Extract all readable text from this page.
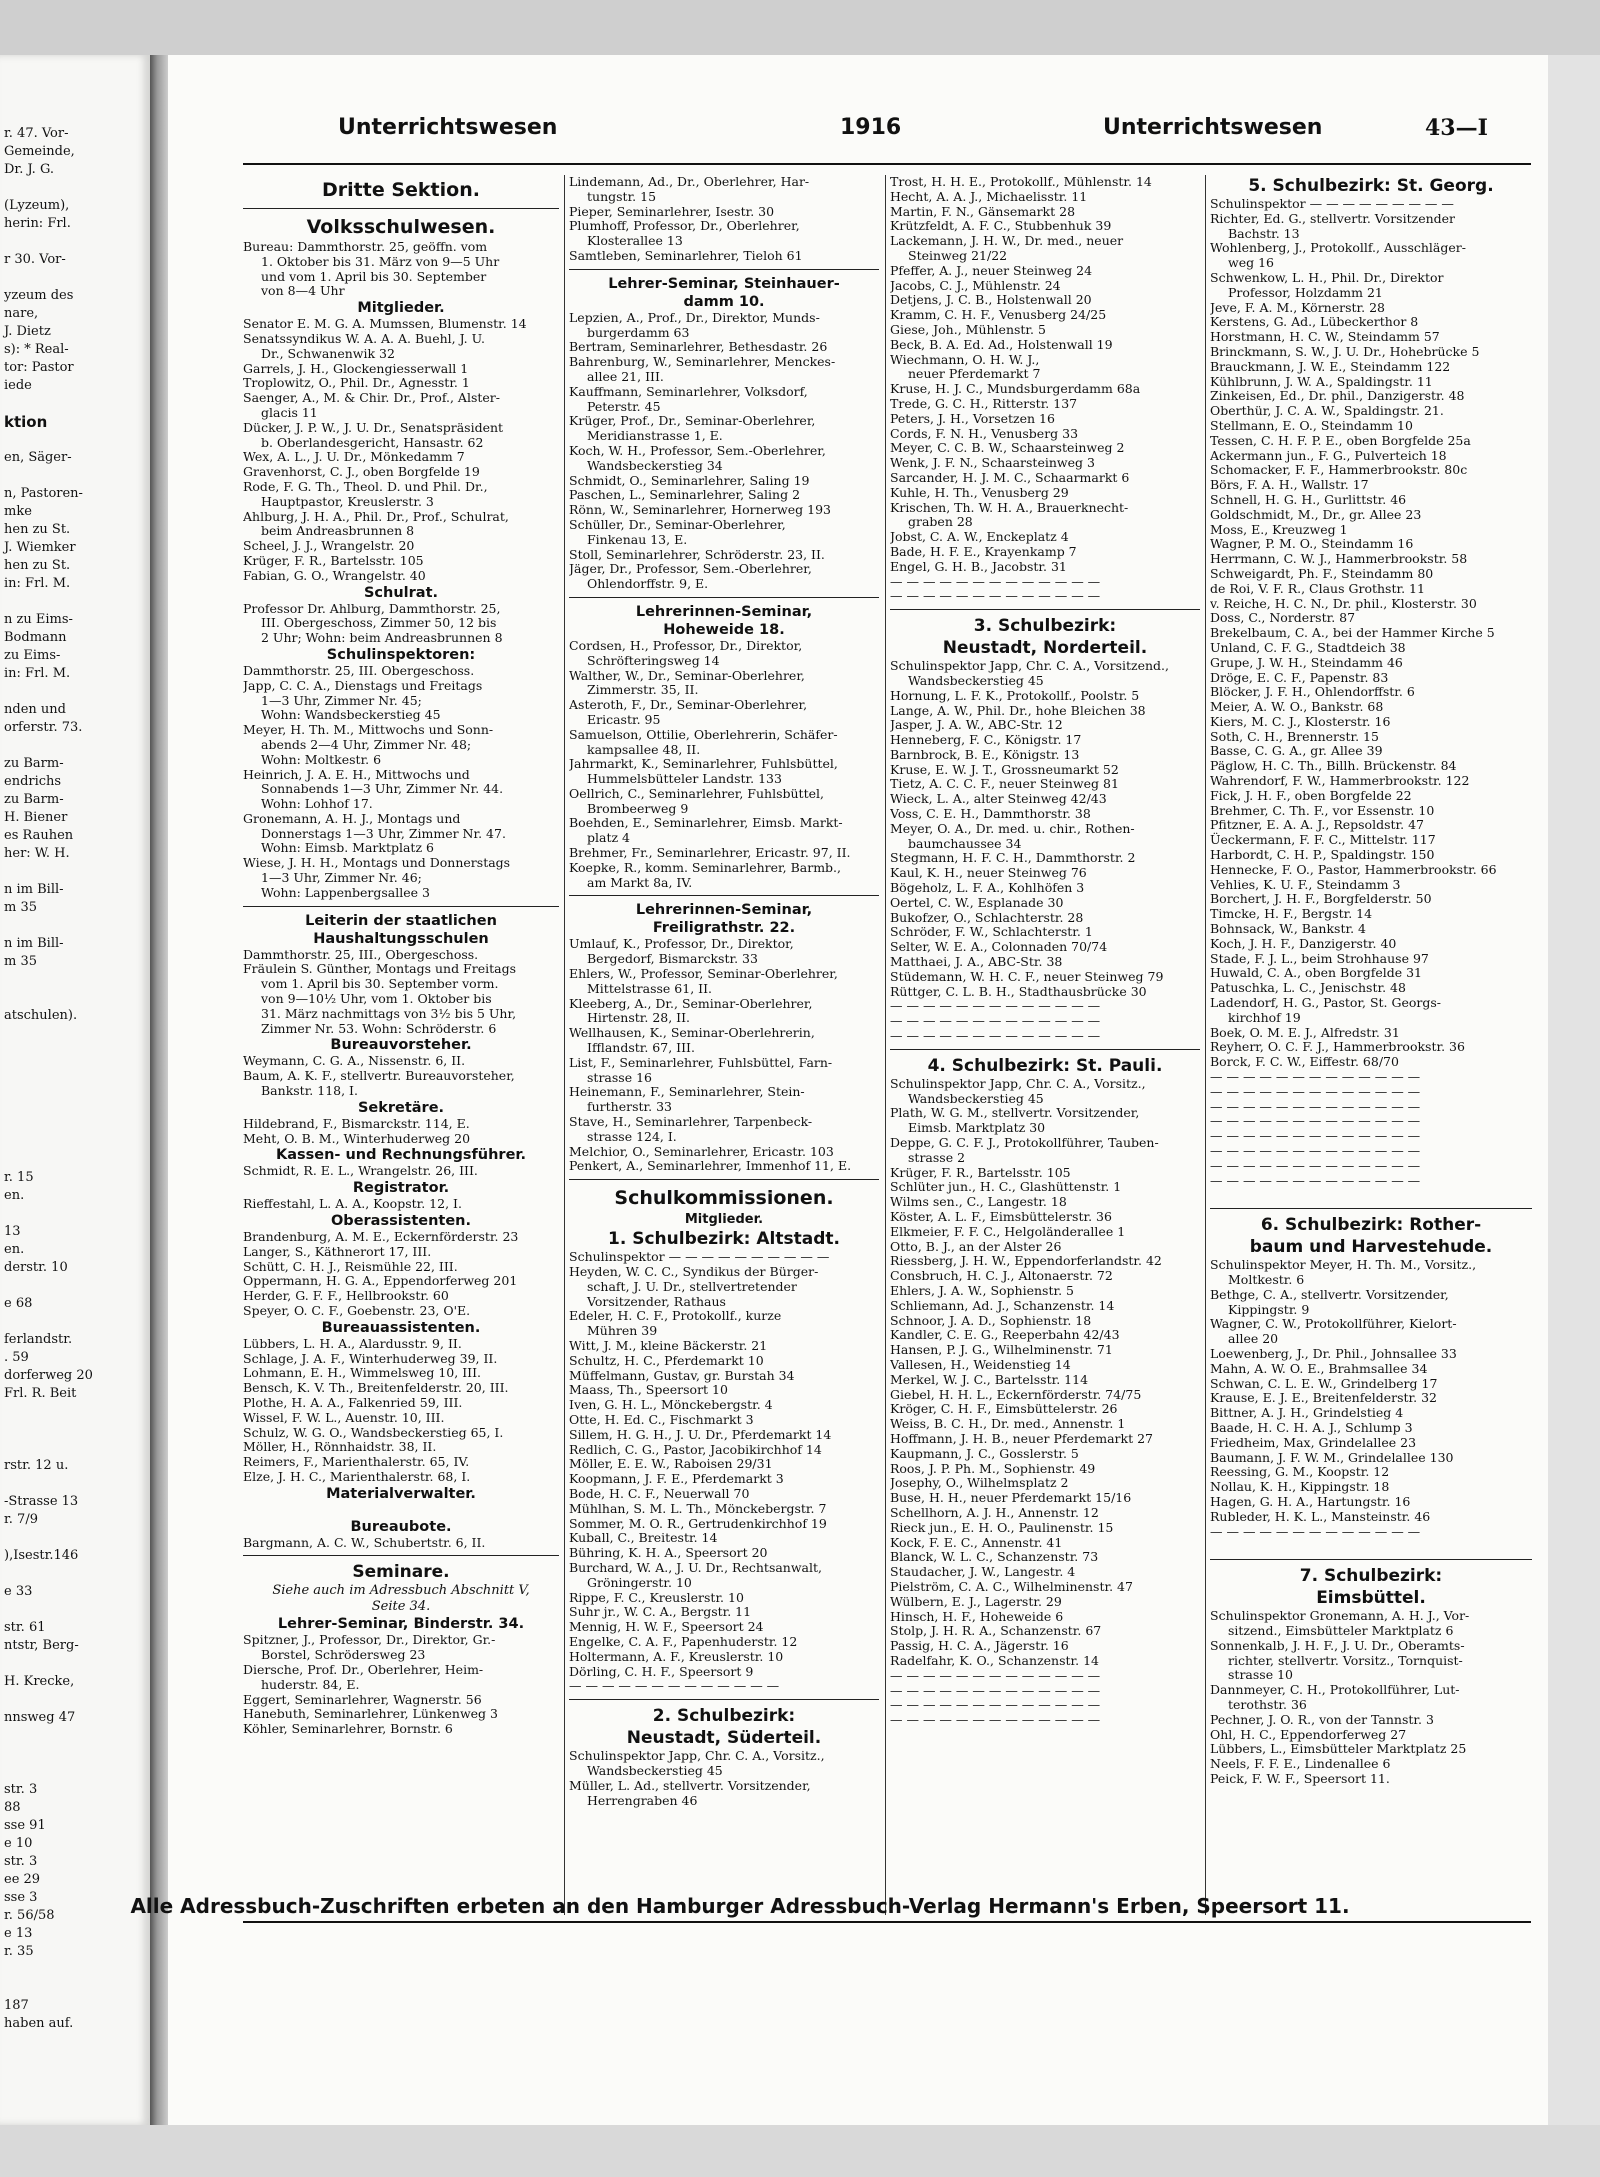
r. 47. Vor-
Gemeinde,
Dr. J. G.

(Lyzeum),
herin: Frl.

r 30. Vor-

yzeum des
nare,
J. Dietz
s): * Real-
tor: Pastor
iede

ktion

en, Säger-

n, Pastoren-
mke
hen zu St.
J. Wiemker
hen zu St.
in: Frl. M.

n zu Eims-
Bodmann
zu Eims-
in: Frl. M.

nden und
orferstr. 73.

zu Barm-
endrichs
zu Barm-
H. Biener
es Rauhen
her: W. H.

n im Bill-
m 35

n im Bill-
m 35

atschulen).

r. 15
en.

13
en.
derstr. 10

e 68

ferlandstr.
. 59
dorferweg 20
Frl. R. Beit

rstr. 12 u.

-Strasse 13
r. 7/9

),Isestr.146

e 33

str. 61
ntstr, Berg-

H. Krecke,

nnsweg 47

str. 3
88
sse 91
e 10
str. 3
ee 29
sse 3
r. 56/58
e 13
r. 35

187
haben auf.
Unterrichtswesen	1916	Unterrichtswesen	43—I
Dritte Sektion.
Volksschulwesen.
Bureau: Dammthorstr. 25, geöffn. vom
1. Oktober bis 31. März von 9—5 Uhr
und vom 1. April bis 30. September
von 8—4 Uhr
Mitglieder.
Senator E. M. G. A. Mumssen, Blumenstr. 14
Senatssyndikus W. A. A. A. Buehl, J. U.
Dr., Schwanenwik 32
Garrels, J. H., Glockengiesserwall 1
Troplowitz, O., Phil. Dr., Agnesstr. 1
Saenger, A., M. & Chir. Dr., Prof., Alster-
glacis 11
Dücker, J. P. W., J. U. Dr., Senatspräsident
b. Oberlandesgericht, Hansastr. 62
Wex, A. L., J. U. Dr., Mönkedamm 7
Gravenhorst, C. J., oben Borgfelde 19
Rode, F. G. Th., Theol. D. und Phil. Dr.,
Hauptpastor, Kreuslerstr. 3
Ahlburg, J. H. A., Phil. Dr., Prof., Schulrat,
beim Andreasbrunnen 8
Scheel, J. J., Wrangelstr. 20
Krüger, F. R., Bartelsstr. 105
Fabian, G. O., Wrangelstr. 40
Schulrat.
Professor Dr. Ahlburg, Dammthorstr. 25,
III. Obergeschoss, Zimmer 50, 12 bis
2 Uhr; Wohn: beim Andreasbrunnen 8
Schulinspektoren:
Dammthorstr. 25, III. Obergeschoss.
Japp, C. C. A., Dienstags und Freitags
1—3 Uhr, Zimmer Nr. 45;
Wohn: Wandsbeckerstieg 45
Meyer, H. Th. M., Mittwochs und Sonn-
abends 2—4 Uhr, Zimmer Nr. 48;
Wohn: Moltkestr. 6
Heinrich, J. A. E. H., Mittwochs und
Sonnabends 1—3 Uhr, Zimmer Nr. 44.
Wohn: Lohhof 17.
Gronemann, A. H. J., Montags und
Donnerstags 1—3 Uhr, Zimmer Nr. 47.
Wohn: Eimsb. Marktplatz 6
Wiese, J. H. H., Montags und Donnerstags
1—3 Uhr, Zimmer Nr. 46;
Wohn: Lappenbergsallee 3
Leiterin der staatlichen
Haushaltungsschulen
Dammthorstr. 25, III., Obergeschoss.
Fräulein S. Günther, Montags und Freitags
vom 1. April bis 30. September vorm.
von 9—10½ Uhr, vom 1. Oktober bis
31. März nachmittags von 3½ bis 5 Uhr,
Zimmer Nr. 53. Wohn: Schröderstr. 6
Bureauvorsteher.
Weymann, C. G. A., Nissenstr. 6, II.
Baum, A. K. F., stellvertr. Bureauvorsteher,
Bankstr. 118, I.
Sekretäre.
Hildebrand, F., Bismarckstr. 114, E.
Meht, O. B. M., Winterhuderweg 20
Kassen- und Rechnungsführer.
Schmidt, R. E. L., Wrangelstr. 26, III.
Registrator.
Rieffestahl, L. A. A., Koopstr. 12, I.
Oberassistenten.
Brandenburg, A. M. E., Eckernförderstr. 23
Langer, S., Käthnerort 17, III.
Schütt, C. H. J., Reismühle 22, III.
Oppermann, H. G. A., Eppendorferweg 201
Herder, G. F. F., Hellbrookstr. 60
Speyer, O. C. F., Goebenstr. 23, O'E.
Bureauassistenten.
Lübbers, L. H. A., Alardusstr. 9, II.
Schlage, J. A. F., Winterhuderweg 39, II.
Lohmann, E. H., Wimmelsweg 10, III.
Bensch, K. V. Th., Breitenfelderstr. 20, III.
Plothe, H. A. A., Falkenried 59, III.
Wissel, F. W. L., Auenstr. 10, III.
Schulz, W. G. O., Wandsbeckerstieg 65, I.
Möller, H., Rönnhaidstr. 38, II.
Reimers, F., Marienthalerstr. 65, IV.
Elze, J. H. C., Marienthalerstr. 68, I.
Materialverwalter.

Bureaubote.
Bargmann, A. C. W., Schubertstr. 6, II.
Seminare.
Siehe auch im Adressbuch Abschnitt V,
Seite 34.
Lehrer-Seminar, Binderstr. 34.
Spitzner, J., Professor, Dr., Direktor, Gr.-
Borstel, Schrödersweg 23
Diersche, Prof. Dr., Oberlehrer, Heim-
huderstr. 84, E.
Eggert, Seminarlehrer, Wagnerstr. 56
Hanebuth, Seminarlehrer, Lünkenweg 3
Köhler, Seminarlehrer, Bornstr. 6
Lindemann, Ad., Dr., Oberlehrer, Har-
tungstr. 15
Pieper, Seminarlehrer, Isestr. 30
Plumhoff, Professor, Dr., Oberlehrer,
Klosterallee 13
Samtleben, Seminarlehrer, Tieloh 61
Lehrer-Seminar, Steinhauer-
damm 10.
Lepzien, A., Prof., Dr., Direktor, Munds-
burgerdamm 63
Bertram, Seminarlehrer, Bethesdastr. 26
Bahrenburg, W., Seminarlehrer, Menckes-
allee 21, III.
Kauffmann, Seminarlehrer, Volksdorf,
Peterstr. 45
Krüger, Prof., Dr., Seminar-Oberlehrer,
Meridianstrasse 1, E.
Koch, W. H., Professor, Sem.-Oberlehrer,
Wandsbeckerstieg 34
Schmidt, O., Seminarlehrer, Saling 19
Paschen, L., Seminarlehrer, Saling 2
Rönn, W., Seminarlehrer, Hornerweg 193
Schüller, Dr., Seminar-Oberlehrer,
Finkenau 13, E.
Stoll, Seminarlehrer, Schröderstr. 23, II.
Jäger, Dr., Professor, Sem.-Oberlehrer,
Ohlendorffstr. 9, E.
Lehrerinnen-Seminar,
Hoheweide 18.
Cordsen, H., Professor, Dr., Direktor,
Schröfteringsweg 14
Walther, W., Dr., Seminar-Oberlehrer,
Zimmerstr. 35, II.
Asteroth, F., Dr., Seminar-Oberlehrer,
Ericastr. 95
Samuelson, Ottilie, Oberlehrerin, Schäfer-
kampsallee 48, II.
Jahrmarkt, K., Seminarlehrer, Fuhlsbüttel,
Hummelsbütteler Landstr. 133
Oellrich, C., Seminarlehrer, Fuhlsbüttel,
Brombeerweg 9
Boehden, E., Seminarlehrer, Eimsb. Markt-
platz 4
Brehmer, Fr., Seminarlehrer, Ericastr. 97, II.
Koepke, R., komm. Seminarlehrer, Barmb.,
am Markt 8a, IV.
Lehrerinnen-Seminar,
Freiligrathstr. 22.
Umlauf, K., Professor, Dr., Direktor,
Bergedorf, Bismarckstr. 33
Ehlers, W., Professor, Seminar-Oberlehrer,
Mittelstrasse 61, II.
Kleeberg, A., Dr., Seminar-Oberlehrer,
Hirtenstr. 28, II.
Wellhausen, K., Seminar-Oberlehrerin,
Ifflandstr. 67, III.
List, F., Seminarlehrer, Fuhlsbüttel, Farn-
strasse 16
Heinemann, F., Seminarlehrer, Stein-
furtherstr. 33
Stave, H., Seminarlehrer, Tarpenbeck-
strasse 124, I.
Melchior, O., Seminarlehrer, Ericastr. 103
Penkert, A., Seminarlehrer, Immenhof 11, E.
Schulkommissionen.
Mitglieder.
1. Schulbezirk: Altstadt.
Schulinspektor — — — — — — — — — —
Heyden, W. C. C., Syndikus der Bürger-
schaft, J. U. Dr., stellvertretender
Vorsitzender, Rathaus
Edeler, H. C. F., Protokollf., kurze
Mühren 39
Witt, J. M., kleine Bäckerstr. 21
Schultz, H. C., Pferdemarkt 10
Müffelmann, Gustav, gr. Burstah 34
Maass, Th., Speersort 10
Iven, G. H. L., Mönckebergstr. 4
Otte, H. Ed. C., Fischmarkt 3
Sillem, H. G. H., J. U. Dr., Pferdemarkt 14
Redlich, C. G., Pastor, Jacobikirchhof 14
Möller, E. E. W., Raboisen 29/31
Koopmann, J. F. E., Pferdemarkt 3
Bode, H. C. F., Neuerwall 70
Mühlhan, S. M. L. Th., Mönckebergstr. 7
Sommer, M. O. R., Gertrudenkirchhof 19
Kuball, C., Breitestr. 14
Bühring, K. H. A., Speersort 20
Burchard, W. A., J. U. Dr., Rechtsanwalt,
Gröningerstr. 10
Rippe, F. C., Kreuslerstr. 10
Suhr jr., W. C. A., Bergstr. 11
Mennig, H. W. F., Speersort 24
Engelke, C. A. F., Papenhuderstr. 12
Holtermann, A. F., Kreuslerstr. 10
Dörling, C. H. F., Speersort 9
— — — — — — — — — — — — —
2. Schulbezirk:
Neustadt, Süderteil.
Schulinspektor Japp, Chr. C. A., Vorsitz.,
Wandsbeckerstieg 45
Müller, L. Ad., stellvertr. Vorsitzender,
Herrengraben 46
Trost, H. H. E., Protokollf., Mühlenstr. 14
Hecht, A. A. J., Michaelisstr. 11
Martin, F. N., Gänsemarkt 28
Krützfeldt, A. F. C., Stubbenhuk 39
Lackemann, J. H. W., Dr. med., neuer
Steinweg 21/22
Pfeffer, A. J., neuer Steinweg 24
Jacobs, C. J., Mühlenstr. 24
Detjens, J. C. B., Holstenwall 20
Kramm, C. H. F., Venusberg 24/25
Giese, Joh., Mühlenstr. 5
Beck, B. A. Ed. Ad., Holstenwall 19
Wiechmann, O. H. W. J.,
neuer Pferdemarkt 7
Kruse, H. J. C., Mundsburgerdamm 68a
Trede, G. C. H., Ritterstr. 137
Peters, J. H., Vorsetzen 16
Cords, F. N. H., Venusberg 33
Meyer, C. C. B. W., Schaarsteinweg 2
Wenk, J. F. N., Schaarsteinweg 3
Sarcander, H. J. M. C., Schaarmarkt 6
Kuhle, H. Th., Venusberg 29
Krischen, Th. W. H. A., Brauerknecht-
graben 28
Jobst, C. A. W., Enckeplatz 4
Bade, H. F. E., Krayenkamp 7
Engel, G. H. B., Jacobstr. 31
— — — — — — — — — — — — —
— — — — — — — — — — — — —
3. Schulbezirk:
Neustadt, Norderteil.
Schulinspektor Japp, Chr. C. A., Vorsitzend.,
Wandsbeckerstieg 45
Hornung, L. F. K., Protokollf., Poolstr. 5
Lange, A. W., Phil. Dr., hohe Bleichen 38
Jasper, J. A. W., ABC-Str. 12
Henneberg, F. C., Königstr. 17
Barnbrock, B. E., Königstr. 13
Kruse, E. W. J. T., Grossneumarkt 52
Tietz, A. C. C. F., neuer Steinweg 81
Wieck, L. A., alter Steinweg 42/43
Voss, C. E. H., Dammthorstr. 38
Meyer, O. A., Dr. med. u. chir., Rothen-
baumchaussee 34
Stegmann, H. F. C. H., Dammthorstr. 2
Kaul, K. H., neuer Steinweg 76
Bögeholz, L. F. A., Kohlhöfen 3
Oertel, C. W., Esplanade 30
Bukofzer, O., Schlachterstr. 28
Schröder, F. W., Schlachterstr. 1
Selter, W. E. A., Colonnaden 70/74
Matthaei, J. A., ABC-Str. 38
Stüdemann, W. H. C. F., neuer Steinweg 79
Rüttger, C. L. B. H., Stadthausbrücke 30
— — — — — — — — — — — — —
— — — — — — — — — — — — —
— — — — — — — — — — — — —
4. Schulbezirk: St. Pauli.
Schulinspektor Japp, Chr. C. A., Vorsitz.,
Wandsbeckerstieg 45
Plath, W. G. M., stellvertr. Vorsitzender,
Eimsb. Marktplatz 30
Deppe, G. C. F. J., Protokollführer, Tauben-
strasse 2
Krüger, F. R., Bartelsstr. 105
Schlüter jun., H. C., Glashüttenstr. 1
Wilms sen., C., Langestr. 18
Köster, A. L. F., Eimsbüttelerstr. 36
Elkmeier, F. F. C., Helgoländerallee 1
Otto, B. J., an der Alster 26
Riessberg, J. H. W., Eppendorferlandstr. 42
Consbruch, H. C. J., Altonaerstr. 72
Ehlers, J. A. W., Sophienstr. 5
Schliemann, Ad. J., Schanzenstr. 14
Schnoor, J. A. D., Sophienstr. 18
Kandler, C. E. G., Reeperbahn 42/43
Hansen, P. J. G., Wilhelminenstr. 71
Vallesen, H., Weidenstieg 14
Merkel, W. J. C., Bartelsstr. 114
Giebel, H. H. L., Eckernförderstr. 74/75
Kröger, C. H. F., Eimsbüttelerstr. 26
Weiss, B. C. H., Dr. med., Annenstr. 1
Hoffmann, J. H. B., neuer Pferdemarkt 27
Kaupmann, J. C., Gosslerstr. 5
Roos, J. P. Ph. M., Sophienstr. 49
Josephy, O., Wilhelmsplatz 2
Buse, H. H., neuer Pferdemarkt 15/16
Schellhorn, A. J. H., Annenstr. 12
Rieck jun., E. H. O., Paulinenstr. 15
Kock, F. E. C., Annenstr. 41
Blanck, W. L. C., Schanzenstr. 73
Staudacher, J. W., Langestr. 4
Pielström, C. A. C., Wilhelminenstr. 47
Wülbern, E. J., Lagerstr. 29
Hinsch, H. F., Hoheweide 6
Stolp, J. H. R. A., Schanzenstr. 67
Passig, H. C. A., Jägerstr. 16
Radelfahr, K. O., Schanzenstr. 14
— — — — — — — — — — — — —
— — — — — — — — — — — — —
— — — — — — — — — — — — —
— — — — — — — — — — — — —
5. Schulbezirk: St. Georg.
Schulinspektor — — — — — — — — —
Richter, Ed. G., stellvertr. Vorsitzender
Bachstr. 13
Wohlenberg, J., Protokollf., Ausschläger-
weg 16
Schwenkow, L. H., Phil. Dr., Direktor
Professor, Holzdamm 21
Jeve, F. A. M., Körnerstr. 28
Kerstens, G. Ad., Lübeckerthor 8
Horstmann, H. C. W., Steindamm 57
Brinckmann, S. W., J. U. Dr., Hohebrücke 5
Brauckmann, J. W. E., Steindamm 122
Kühlbrunn, J. W. A., Spaldingstr. 11
Zinkeisen, Ed., Dr. phil., Danzigerstr. 48
Oberthür, J. C. A. W., Spaldingstr. 21.
Stellmann, E. O., Steindamm 10
Tessen, C. H. F. P. E., oben Borgfelde 25a
Ackermann jun., F. G., Pulverteich 18
Schomacker, F. F., Hammerbrookstr. 80c
Börs, F. A. H., Wallstr. 17
Schnell, H. G. H., Gurlittstr. 46
Goldschmidt, M., Dr., gr. Allee 23
Moss, E., Kreuzweg 1
Wagner, P. M. O., Steindamm 16
Herrmann, C. W. J., Hammerbrookstr. 58
Schweigardt, Ph. F., Steindamm 80
de Roi, V. F. R., Claus Grothstr. 11
v. Reiche, H. C. N., Dr. phil., Klosterstr. 30
Doss, C., Norderstr. 87
Brekelbaum, C. A., bei der Hammer Kirche 5
Unland, C. F. G., Stadtdeich 38
Grupe, J. W. H., Steindamm 46
Dröge, E. C. F., Papenstr. 83
Blöcker, J. F. H., Ohlendorffstr. 6
Meier, A. W. O., Bankstr. 68
Kiers, M. C. J., Klosterstr. 16
Soth, C. H., Brennerstr. 15
Basse, C. G. A., gr. Allee 39
Päglow, H. C. Th., Billh. Brückenstr. 84
Wahrendorf, F. W., Hammerbrookstr. 122
Fick, J. H. F., oben Borgfelde 22
Brehmer, C. Th. F., vor Essenstr. 10
Pfitzner, E. A. A. J., Repsoldstr. 47
Üeckermann, F. F. C., Mittelstr. 117
Harbordt, C. H. P., Spaldingstr. 150
Hennecke, F. O., Pastor, Hammerbrookstr. 66
Vehlies, K. U. F., Steindamm 3
Borchert, J. H. F., Borgfelderstr. 50
Timcke, H. F., Bergstr. 14
Bohnsack, W., Bankstr. 4
Koch, J. H. F., Danzigerstr. 40
Stade, F. J. L., beim Strohhause 97
Huwald, C. A., oben Borgfelde 31
Patuschka, L. C., Jenischstr. 48
Ladendorf, H. G., Pastor, St. Georgs-
kirchhof 19
Boek, O. M. E. J., Alfredstr. 31
Reyherr, O. C. F. J., Hammerbrookstr. 36
Borck, F. C. W., Eiffestr. 68/70
— — — — — — — — — — — — —
— — — — — — — — — — — — —
— — — — — — — — — — — — —
— — — — — — — — — — — — —
— — — — — — — — — — — — —
— — — — — — — — — — — — —
— — — — — — — — — — — — —
— — — — — — — — — — — — —

6. Schulbezirk: Rother-
baum und Harvestehude.
Schulinspektor Meyer, H. Th. M., Vorsitz.,
Moltkestr. 6
Bethge, C. A., stellvertr. Vorsitzender,
Kippingstr. 9
Wagner, C. W., Protokollführer, Kielort-
allee 20
Loewenberg, J., Dr. Phil., Johnsallee 33
Mahn, A. W. O. E., Brahmsallee 34
Schwan, C. L. E. W., Grindelberg 17
Krause, E. J. E., Breitenfelderstr. 32
Bittner, A. J. H., Grindelstieg 4
Baade, H. C. H. A. J., Schlump 3
Friedheim, Max, Grindelallee 23
Baumann, J. F. W. M., Grindelallee 130
Reessing, G. M., Koopstr. 12
Nollau, K. H., Kippingstr. 18
Hagen, G. H. A., Hartungstr. 16
Rubleder, H. K. L., Mansteinstr. 46
— — — — — — — — — — — — —

7. Schulbezirk:
Eimsbüttel.
Schulinspektor Gronemann, A. H. J., Vor-
sitzend., Eimsbütteler Marktplatz 6
Sonnenkalb, J. H. F., J. U. Dr., Oberamts-
richter, stellvertr. Vorsitz., Tornquist-
strasse 10
Dannmeyer, C. H., Protokollführer, Lut-
terothstr. 36
Pechner, J. O. R., von der Tannstr. 3
Ohl, H. C., Eppendorferweg 27
Lübbers, L., Eimsbütteler Marktplatz 25
Neels, F. F. E., Lindenallee 6
Peick, F. W. F., Speersort 11.
Alle Adressbuch-Zuschriften erbeten an den Hamburger Adressbuch-Verlag Hermann's Erben, Speersort 11.
